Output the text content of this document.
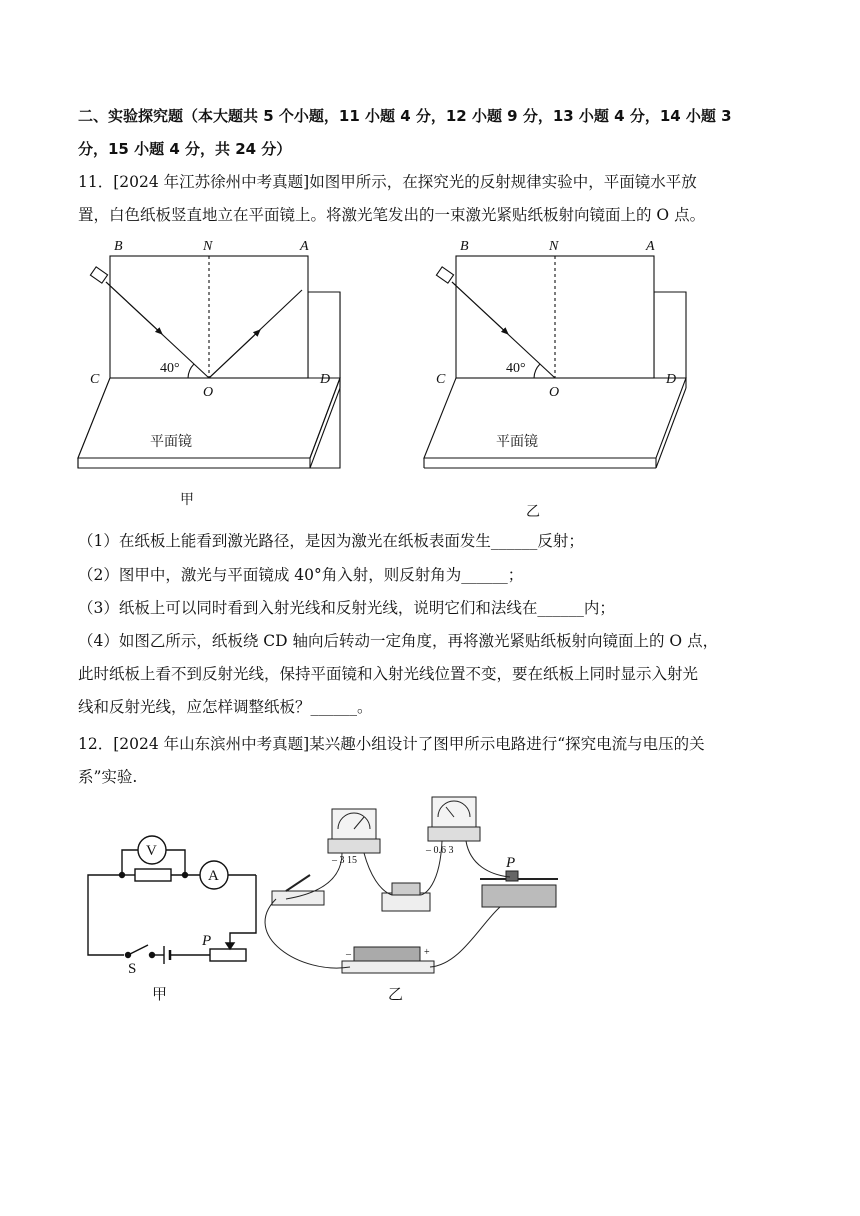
二、实验探究题（本大题共 5 个小题，11 小题 4 分，12 小题 9 分，13 小题 4 分，14 小题 3
分，15 小题 4 分，共 24 分）
11．[2024 年江苏徐州中考真题]如图甲所示，在探究光的反射规律实验中，平面镜水平放
置，白色纸板竖直地立在平面镜上。将激光笔发出的一束激光紧贴纸板射向镜面上的 O 点。
B	N	A
C	D
O
40°
平面镜
甲
B	N	A
C	D
O
40°
平面镜
乙
（1）在纸板上能看到激光路径，是因为激光在纸板表面发生______反射；
（2）图甲中，激光与平面镜成 40°角入射，则反射角为______；
（3）纸板上可以同时看到入射光线和反射光线，说明它们和法线在______内；
（4）如图乙所示，纸板绕 CD 轴向后转动一定角度，再将激光紧贴纸板射向镜面上的 O 点，
此时纸板上看不到反射光线，保持平面镜和入射光线位置不变，要在纸板上同时显示入射光
线和反射光线，应怎样调整纸板？______。
12．[2024 年山东滨州中考真题]某兴趣小组设计了图甲所示电路进行“探究电流与电压的关
系”实验.
V
A
S
P
甲
– 3 15
– 0.6 3
P
–	+
乙
